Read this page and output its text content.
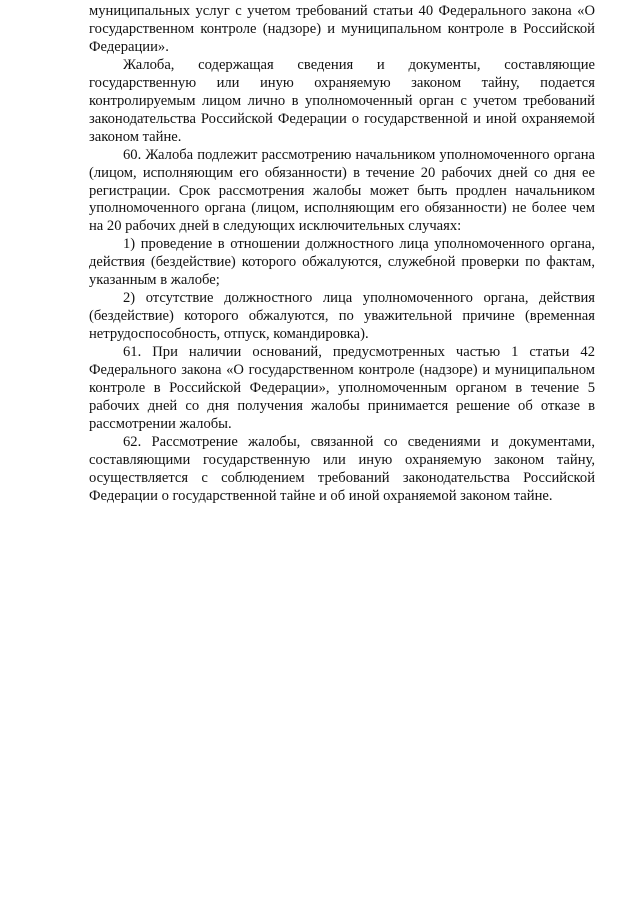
муниципальных услуг с учетом требований статьи 40 Федерального закона «О государственном контроле (надзоре) и муниципальном контроле в Российской Федерации».

Жалоба, содержащая сведения и документы, составляющие государственную или иную охраняемую законом тайну, подается контролируемым лицом лично в уполномоченный орган с учетом требований законодательства Российской Федерации о государственной и иной охраняемой законом тайне.

60. Жалоба подлежит рассмотрению начальником уполномоченного органа (лицом, исполняющим его обязанности) в течение 20 рабочих дней со дня ее регистрации. Срок рассмотрения жалобы может быть продлен начальником уполномоченного органа (лицом, исполняющим его обязанности) не более чем на 20 рабочих дней в следующих исключительных случаях:

1) проведение в отношении должностного лица уполномоченного органа, действия (бездействие) которого обжалуются, служебной проверки по фактам, указанным в жалобе;

2) отсутствие должностного лица уполномоченного органа, действия (бездействие) которого обжалуются, по уважительной причине (временная нетрудоспособность, отпуск, командировка).

61. При наличии оснований, предусмотренных частью 1 статьи 42 Федерального закона «О государственном контроле (надзоре) и муниципальном контроле в Российской Федерации», уполномоченным органом в течение 5 рабочих дней со дня получения жалобы принимается решение об отказе в рассмотрении жалобы.

62. Рассмотрение жалобы, связанной со сведениями и документами, составляющими государственную или иную охраняемую законом тайну, осуществляется с соблюдением требований законодательства Российской Федерации о государственной тайне и об иной охраняемой законом тайне.
